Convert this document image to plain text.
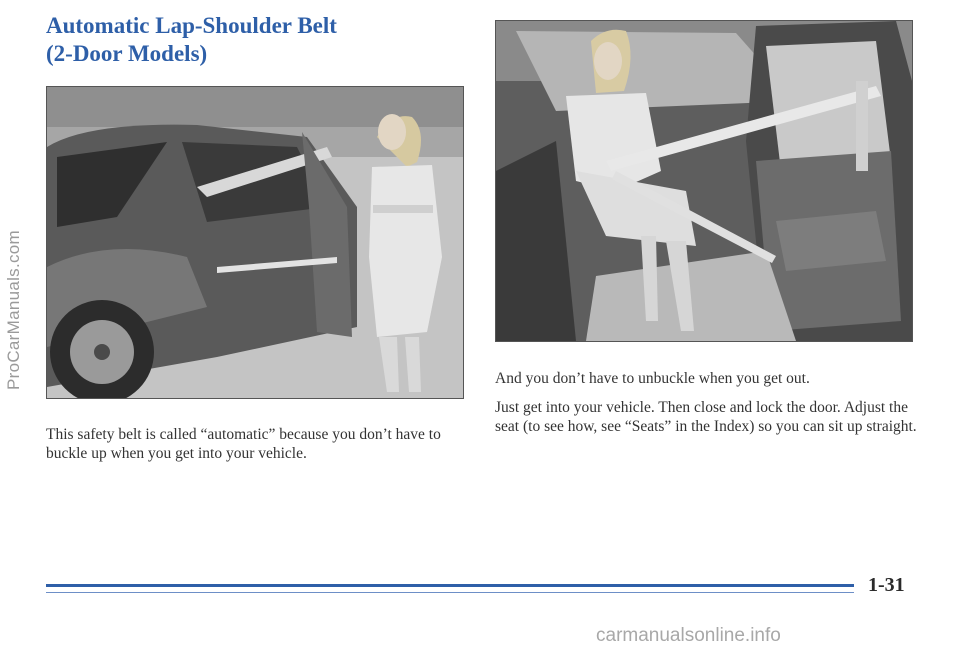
ProCarManuals.com
Automatic Lap-Shoulder Belt
(2-Door Models)

This safety belt is called “automatic” because you don’t have to buckle up when you get into your vehicle.

And you don’t have to unbuckle when you get out.

Just get into your vehicle. Then close and lock the door. Adjust the seat (to see how, see “Seats” in the Index) so you can sit up straight.

1-31
carmanualsonline.info
